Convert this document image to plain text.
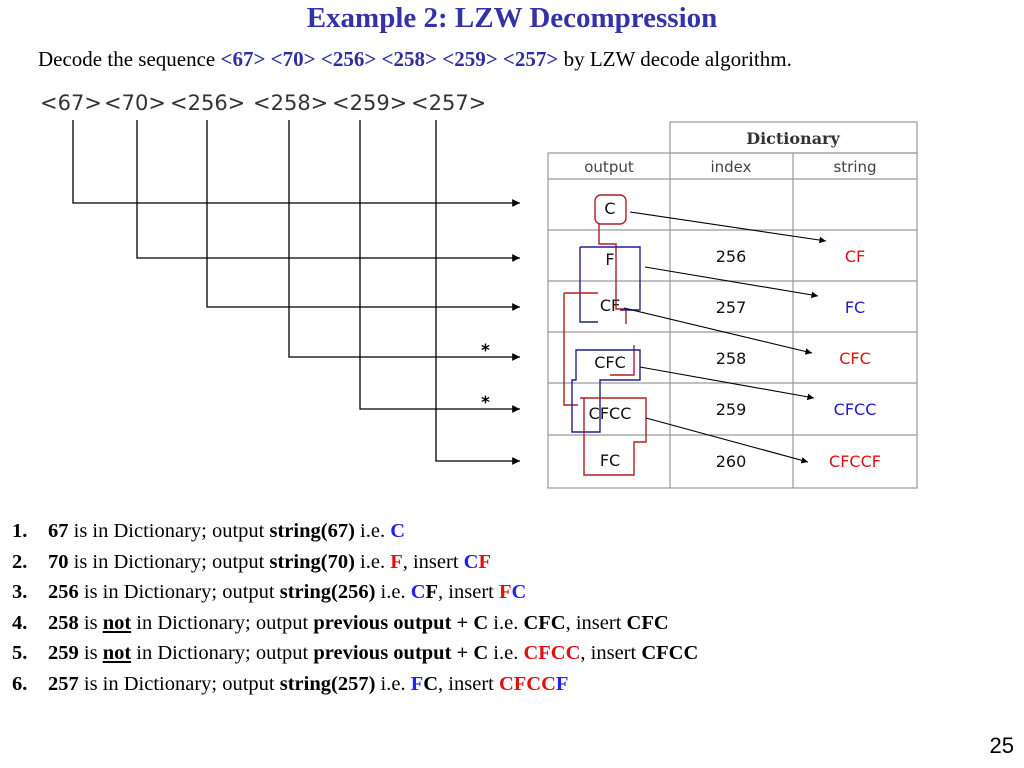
Example 2: LZW Decompression
Decode the sequence <67> <70> <256> <258> <259> <257> by LZW decode algorithm.
<67> <70> <256> <258> <259> <257>
*
*
Dictionary
output	index	string
C
F
CF
CFC
CFCC
FC
256
257
258
259
260
CF
FC
CFC
CFCC
CFCCF
1. 67 is in Dictionary; output string(67) i.e. C
2. 70 is in Dictionary; output string(70) i.e. F, insert CF
3. 256 is in Dictionary; output string(256) i.e. CF, insert FC
4. 258 is not in Dictionary; output previous output + C i.e. CFC, insert CFC
5. 259 is not in Dictionary; output previous output + C i.e. CFCC, insert CFCC
6. 257 is in Dictionary; output string(257) i.e. FC, insert CFCCF
25
